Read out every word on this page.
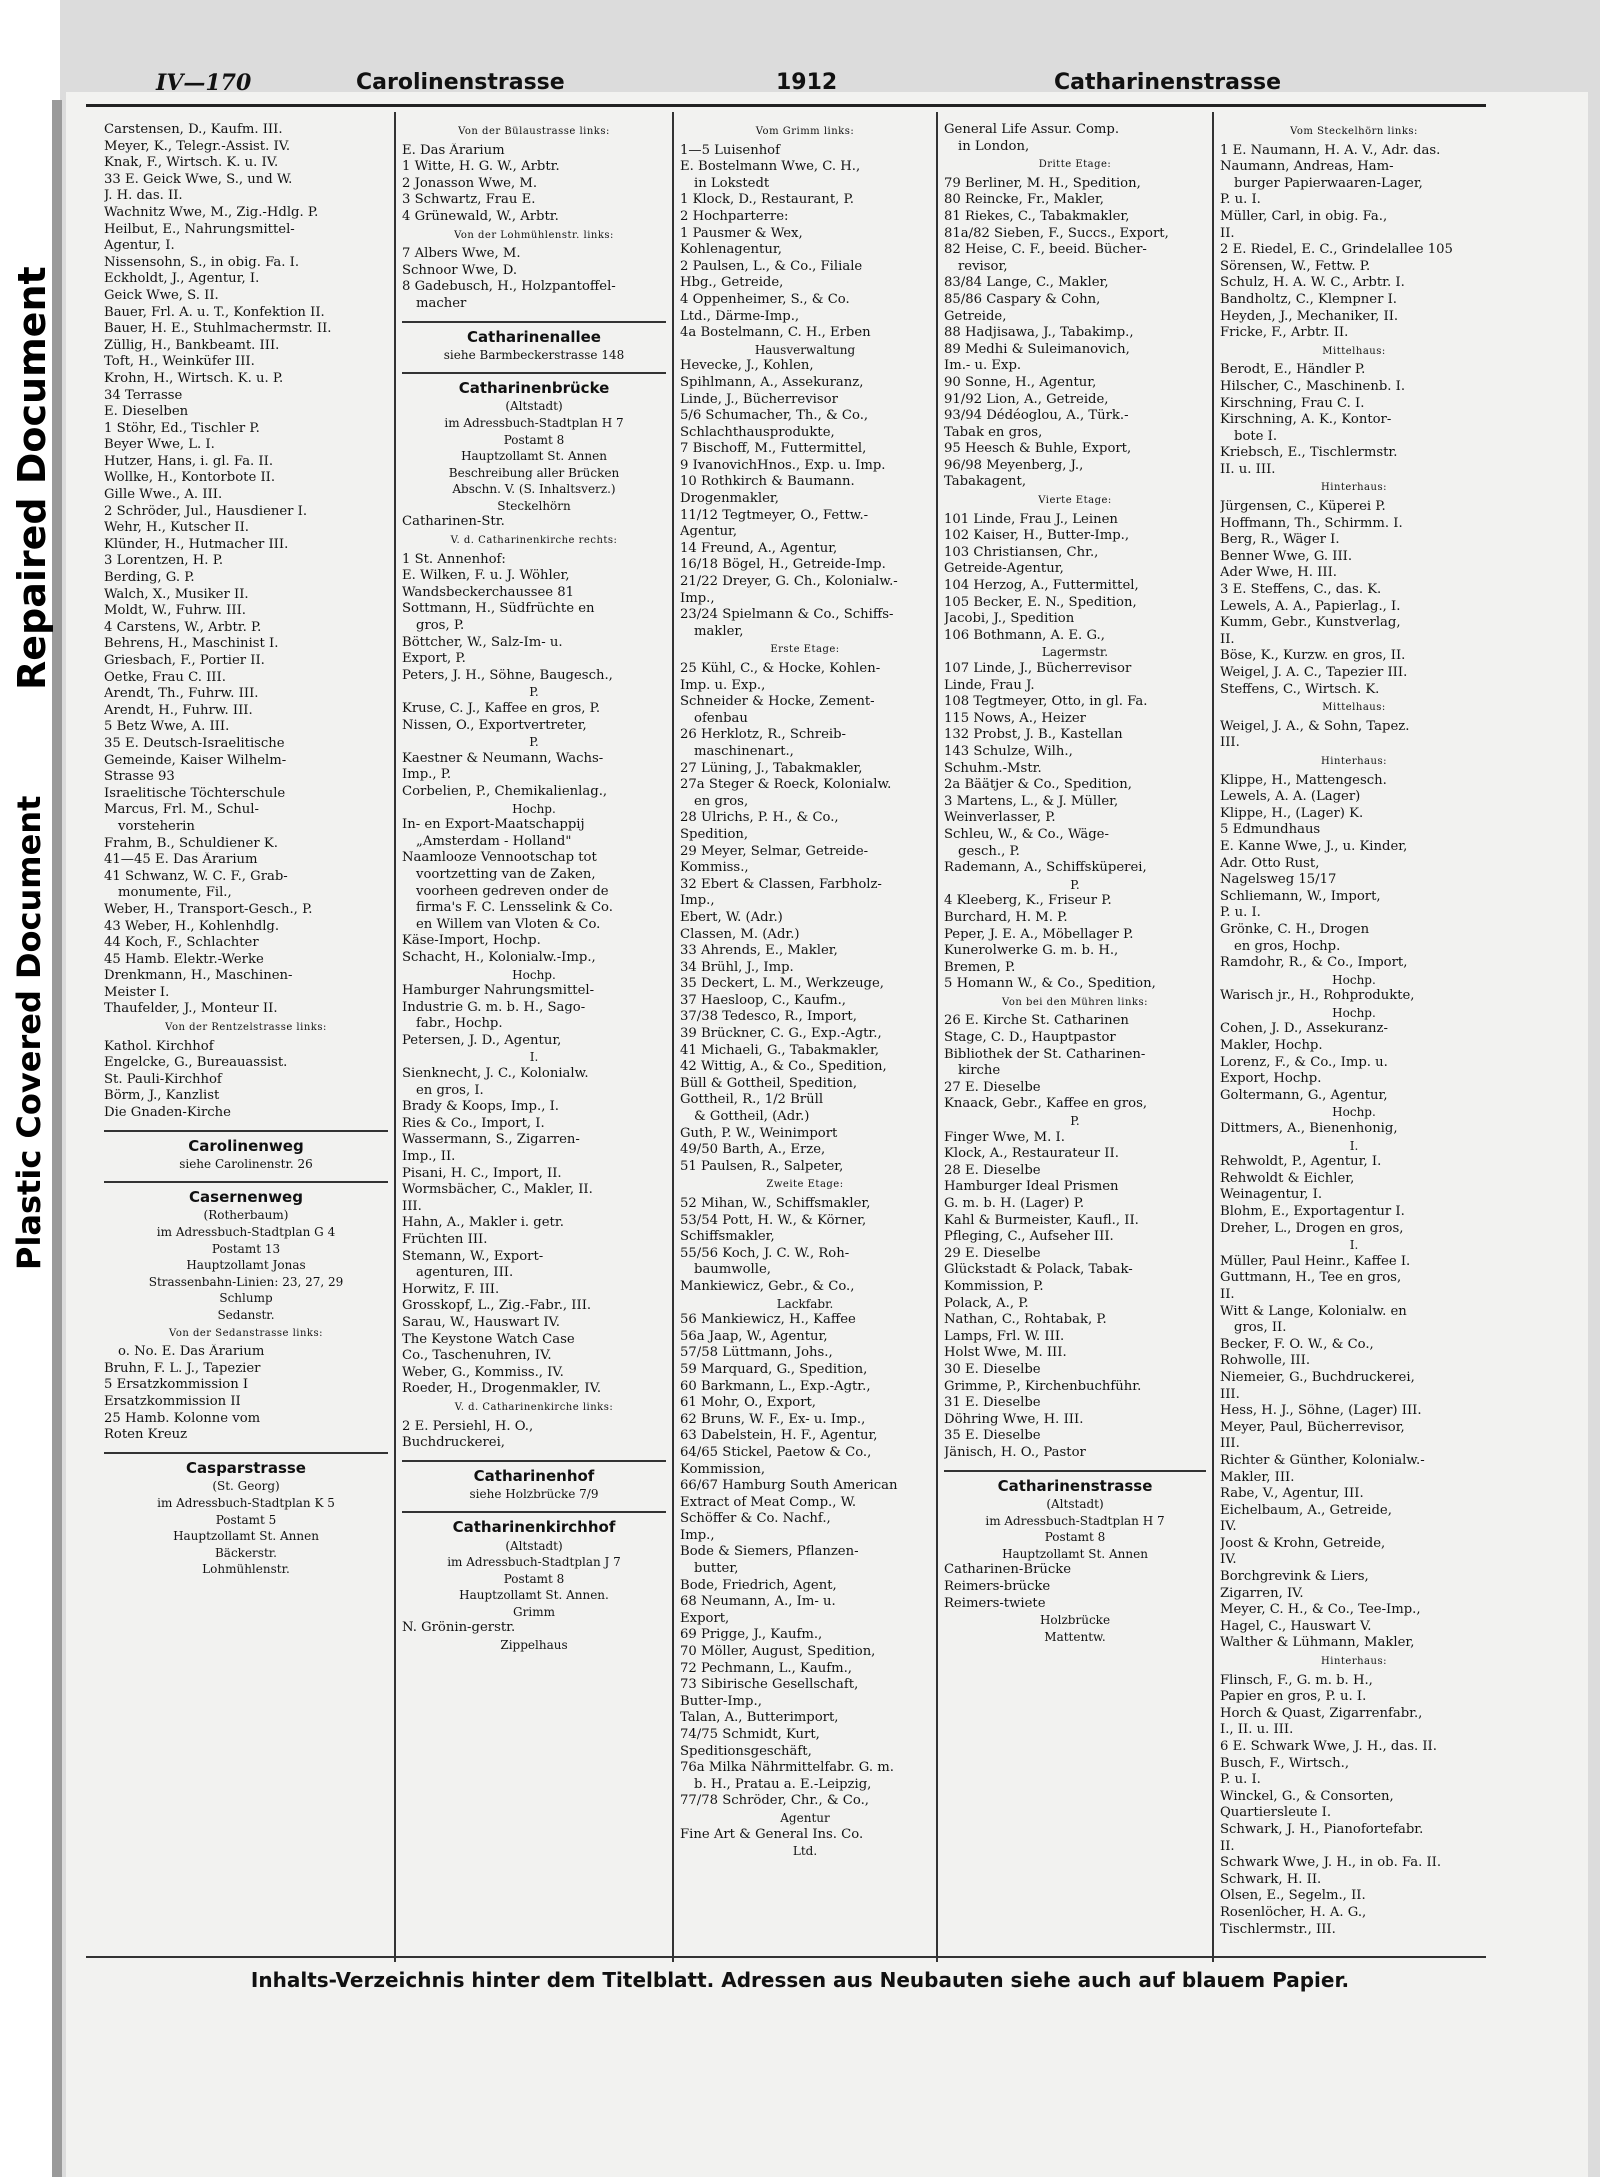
Plastic Covered Document
Repaired Document
IV—170	Carolinenstrasse	1912	Catharinenstrasse
Carstensen, D., Kaufm. III.
Meyer, K., Telegr.-Assist. IV.
Knak, F., Wirtsch. K. u. IV.
33 E. Geick Wwe, S., und W.
J. H. das. II.
Wachnitz Wwe, M., Zig.-Hdlg. P.
Heilbut, E., Nahrungsmittel-
Agentur, I.
Nissensohn, S., in obig. Fa. I.
Eckholdt, J., Agentur, I.
Geick Wwe, S. II.
Bauer, Frl. A. u. T., Konfektion II.
Bauer, H. E., Stuhlmachermstr. II.
Züllig, H., Bankbeamt. III.
Toft, H., Weinküfer III.
Krohn, H., Wirtsch. K. u. P.
34 Terrasse
E. Dieselben
1 Stöhr, Ed., Tischler P.
Beyer Wwe, L. I.
Hutzer, Hans, i. gl. Fa. II.
Wollke, H., Kontorbote II.
Gille Wwe., A. III.
2 Schröder, Jul., Hausdiener I.
Wehr, H., Kutscher II.
Klünder, H., Hutmacher III.
3 Lorentzen, H. P.
Berding, G. P.
Walch, X., Musiker II.
Moldt, W., Fuhrw. III.
4 Carstens, W., Arbtr. P.
Behrens, H., Maschinist I.
Griesbach, F., Portier II.
Oetke, Frau C. III.
Arendt, Th., Fuhrw. III.
Arendt, H., Fuhrw. III.
5 Betz Wwe, A. III.
35 E. Deutsch-Israelitische
Gemeinde, Kaiser Wilhelm-
Strasse 93
Israelitische Töchterschule
Marcus, Frl. M., Schul-
vorsteherin
Frahm, B., Schuldiener K.
41—45 E. Das Ärarium
41 Schwanz, W. C. F., Grab-
monumente, Fil.,
Weber, H., Transport-Gesch., P.
43 Weber, H., Kohlenhdlg.
44 Koch, F., Schlachter
45 Hamb. Elektr.-Werke
Drenkmann, H., Maschinen-
Meister I.
Thaufelder, J., Monteur II.
Von der Rentzelstrasse links:
Kathol. Kirchhof
Engelcke, G., Bureauassist.
St. Pauli-Kirchhof
Börm, J., Kanzlist
Die Gnaden-Kirche
Carolinenweg
siehe Carolinenstr. 26
Casernenweg
(Rotherbaum)
im Adressbuch-Stadtplan G 4
Postamt 13
Hauptzollamt Jonas
Strassenbahn-Linien: 23, 27, 29
Schlump
Sedanstr.
Von der Sedanstrasse links:
o. No. E. Das Ärarium
Bruhn, F. L. J., Tapezier
5 Ersatzkommission I
Ersatzkommission II
25 Hamb. Kolonne vom
Roten Kreuz
Casparstrasse
(St. Georg)
im Adressbuch-Stadtplan K 5
Postamt 5
Hauptzollamt St. Annen
Bäckerstr.
Lohmühlenstr.
Von der Bülaustrasse links:
E. Das Ärarium
1 Witte, H. G. W., Arbtr.
2 Jonasson Wwe, M.
3 Schwartz, Frau E.
4 Grünewald, W., Arbtr.
Von der Lohmühlenstr. links:
7 Albers Wwe, M.
Schnoor Wwe, D.
8 Gadebusch, H., Holzpantoffel-
macher
Catharinenallee
siehe Barmbeckerstrasse 148
Catharinenbrücke
(Altstadt)
im Adressbuch-Stadtplan H 7
Postamt 8
Hauptzollamt St. Annen
Beschreibung aller Brücken
Abschn. V. (S. Inhaltsverz.)
Steckelhörn
Catharinen-Str.
V. d. Catharinenkirche rechts:
1 St. Annenhof:
E. Wilken, F. u. J. Wöhler,
Wandsbeckerchaussee 81
Sottmann, H., Südfrüchte en
gros, P.
Böttcher, W., Salz-Im- u.
Export, P.
Peters, J. H., Söhne, Baugesch.,
P.
Kruse, C. J., Kaffee en gros, P.
Nissen, O., Exportvertreter,
P.
Kaestner & Neumann, Wachs-
Imp., P.
Corbelien, P., Chemikalienlag.,
Hochp.
In- en Export-Maatschappij
„Amsterdam - Holland"
Naamlooze Vennootschap tot
voortzetting van de Zaken,
voorheen gedreven onder de
firma's F. C. Lensselink & Co.
en Willem van Vloten & Co.
Käse-Import, Hochp.
Schacht, H., Kolonialw.-Imp.,
Hochp.
Hamburger Nahrungsmittel-
Industrie G. m. b. H., Sago-
fabr., Hochp.
Petersen, J. D., Agentur,
I.
Sienknecht, J. C., Kolonialw.
en gros, I.
Brady & Koops, Imp., I.
Ries & Co., Import, I.
Wassermann, S., Zigarren-
Imp., II.
Pisani, H. C., Import, II.
Wormsbächer, C., Makler, II.
III.
Hahn, A., Makler i. getr.
Früchten III.
Stemann, W., Export-
agenturen, III.
Horwitz, F. III.
Grosskopf, L., Zig.-Fabr., III.
Sarau, W., Hauswart IV.
The Keystone Watch Case
Co., Taschenuhren, IV.
Weber, G., Kommiss., IV.
Roeder, H., Drogenmakler, IV.
V. d. Catharinenkirche links:
2 E. Persiehl, H. O.,
Buchdruckerei,
Catharinenhof
siehe Holzbrücke 7/9
Catharinenkirchhof
(Altstadt)
im Adressbuch-Stadtplan J 7
Postamt 8
Hauptzollamt St. Annen.
Grimm
N. Grönin-gerstr.
Zippelhaus
Vom Grimm links:
1—5 Luisenhof
E. Bostelmann Wwe, C. H.,
in Lokstedt
1 Klock, D., Restaurant, P.
2 Hochparterre:
1 Pausmer & Wex,
Kohlenagentur,
2 Paulsen, L., & Co., Filiale
Hbg., Getreide,
4 Oppenheimer, S., & Co.
Ltd., Därme-Imp.,
4a Bostelmann, C. H., Erben
Hausverwaltung
Hevecke, J., Kohlen,
Spihlmann, A., Assekuranz,
Linde, J., Bücherrevisor
5/6 Schumacher, Th., & Co.,
Schlachthausprodukte,
7 Bischoff, M., Futtermittel,
9 IvanovichHnos., Exp. u. Imp.
10 Rothkirch & Baumann.
Drogenmakler,
11/12 Tegtmeyer, O., Fettw.-
Agentur,
14 Freund, A., Agentur,
16/18 Bögel, H., Getreide-Imp.
21/22 Dreyer, G. Ch., Kolonialw.-
Imp.,
23/24 Spielmann & Co., Schiffs-
makler,
Erste Etage:
25 Kühl, C., & Hocke, Kohlen-
Imp. u. Exp.,
Schneider & Hocke, Zement-
ofenbau
26 Herklotz, R., Schreib-
maschinenart.,
27 Lüning, J., Tabakmakler,
27a Steger & Roeck, Kolonialw.
en gros,
28 Ulrichs, P. H., & Co.,
Spedition,
29 Meyer, Selmar, Getreide-
Kommiss.,
32 Ebert & Classen, Farbholz-
Imp.,
Ebert, W. (Adr.)
Classen, M. (Adr.)
33 Ahrends, E., Makler,
34 Brühl, J., Imp.
35 Deckert, L. M., Werkzeuge,
37 Haesloop, C., Kaufm.,
37/38 Tedesco, R., Import,
39 Brückner, C. G., Exp.-Agtr.,
41 Michaeli, G., Tabakmakler,
42 Wittig, A., & Co., Spedition,
Büll & Gottheil, Spedition,
Gottheil, R., 1/2 Brüll
& Gottheil, (Adr.)
Guth, P. W., Weinimport
49/50 Barth, A., Erze,
51 Paulsen, R., Salpeter,
Zweite Etage:
52 Mihan, W., Schiffsmakler,
53/54 Pott, H. W., & Körner,
Schiffsmakler,
55/56 Koch, J. C. W., Roh-
baumwolle,
Mankiewicz, Gebr., & Co.,
Lackfabr.
56 Mankiewicz, H., Kaffee
56a Jaap, W., Agentur,
57/58 Lüttmann, Johs.,
59 Marquard, G., Spedition,
60 Barkmann, L., Exp.-Agtr.,
61 Mohr, O., Export,
62 Bruns, W. F., Ex- u. Imp.,
63 Dabelstein, H. F., Agentur,
64/65 Stickel, Paetow & Co.,
Kommission,
66/67 Hamburg South American
Extract of Meat Comp., W.
Schöffer & Co. Nachf.,
Imp.,
Bode & Siemers, Pflanzen-
butter,
Bode, Friedrich, Agent,
68 Neumann, A., Im- u.
Export,
69 Prigge, J., Kaufm.,
70 Möller, August, Spedition,
72 Pechmann, L., Kaufm.,
73 Sibirische Gesellschaft,
Butter-Imp.,
Talan, A., Butterimport,
74/75 Schmidt, Kurt,
Speditionsgeschäft,
76a Milka Nährmittelfabr. G. m.
b. H., Pratau a. E.-Leipzig,
77/78 Schröder, Chr., & Co.,
Agentur
Fine Art & General Ins. Co.
Ltd.
General Life Assur. Comp.
in London,
Dritte Etage:
79 Berliner, M. H., Spedition,
80 Reincke, Fr., Makler,
81 Riekes, C., Tabakmakler,
81a/82 Sieben, F., Succs., Export,
82 Heise, C. F., beeid. Bücher-
revisor,
83/84 Lange, C., Makler,
85/86 Caspary & Cohn,
Getreide,
88 Hadjisawa, J., Tabakimp.,
89 Medhi & Suleimanovich,
Im.- u. Exp.
90 Sonne, H., Agentur,
91/92 Lion, A., Getreide,
93/94 Dédéoglou, A., Türk.-
Tabak en gros,
95 Heesch & Buhle, Export,
96/98 Meyenberg, J.,
Tabakagent,
Vierte Etage:
101 Linde, Frau J., Leinen
102 Kaiser, H., Butter-Imp.,
103 Christiansen, Chr.,
Getreide-Agentur,
104 Herzog, A., Futtermittel,
105 Becker, E. N., Spedition,
Jacobi, J., Spedition
106 Bothmann, A. E. G.,
Lagermstr.
107 Linde, J., Bücherrevisor
Linde, Frau J.
108 Tegtmeyer, Otto, in gl. Fa.
115 Nows, A., Heizer
132 Probst, J. B., Kastellan
143 Schulze, Wilh.,
Schuhm.-Mstr.
2a Bäätjer & Co., Spedition,
3 Martens, L., & J. Müller,
Weinverlasser, P.
Schleu, W., & Co., Wäge-
gesch., P.
Rademann, A., Schiffsküperei,
P.
4 Kleeberg, K., Friseur P.
Burchard, H. M. P.
Peper, J. E. A., Möbellager P.
Kunerolwerke G. m. b. H.,
Bremen, P.
5 Homann W., & Co., Spedition,
Von bei den Mühren links:
26 E. Kirche St. Catharinen
Stage, C. D., Hauptpastor
Bibliothek der St. Catharinen-
kirche
27 E. Dieselbe
Knaack, Gebr., Kaffee en gros,
P.
Finger Wwe, M. I.
Klock, A., Restaurateur II.
28 E. Dieselbe
Hamburger Ideal Prismen
G. m. b. H. (Lager) P.
Kahl & Burmeister, Kaufl., II.
Pfleging, C., Aufseher III.
29 E. Dieselbe
Glückstadt & Polack, Tabak-
Kommission, P.
Polack, A., P.
Nathan, C., Rohtabak, P.
Lamps, Frl. W. III.
Holst Wwe, M. III.
30 E. Dieselbe
Grimme, P., Kirchenbuchführ.
31 E. Dieselbe
Döhring Wwe, H. III.
35 E. Dieselbe
Jänisch, H. O., Pastor
Catharinenstrasse
(Altstadt)
im Adressbuch-Stadtplan H 7
Postamt 8
Hauptzollamt St. Annen
Catharinen-Brücke
Reimers-brücke
Reimers-twiete
Holzbrücke
Mattentw.
Vom Steckelhörn links:
1 E. Naumann, H. A. V., Adr. das.
Naumann, Andreas, Ham-
burger Papierwaaren-Lager,
P. u. I.
Müller, Carl, in obig. Fa.,
II.
2 E. Riedel, E. C., Grindelallee 105
Sörensen, W., Fettw. P.
Schulz, H. A. W. C., Arbtr. I.
Bandholtz, C., Klempner I.
Heyden, J., Mechaniker, II.
Fricke, F., Arbtr. II.
Mittelhaus:
Berodt, E., Händler P.
Hilscher, C., Maschinenb. I.
Kirschning, Frau C. I.
Kirschning, A. K., Kontor-
bote I.
Kriebsch, E., Tischlermstr.
II. u. III.
Hinterhaus:
Jürgensen, C., Küperei P.
Hoffmann, Th., Schirmm. I.
Berg, R., Wäger I.
Benner Wwe, G. III.
Ader Wwe, H. III.
3 E. Steffens, C., das. K.
Lewels, A. A., Papierlag., I.
Kumm, Gebr., Kunstverlag,
II.
Böse, K., Kurzw. en gros, II.
Weigel, J. A. C., Tapezier III.
Steffens, C., Wirtsch. K.
Mittelhaus:
Weigel, J. A., & Sohn, Tapez.
III.
Hinterhaus:
Klippe, H., Mattengesch.
Lewels, A. A. (Lager)
Klippe, H., (Lager) K.
5 Edmundhaus
E. Kanne Wwe, J., u. Kinder,
Adr. Otto Rust,
Nagelsweg 15/17
Schliemann, W., Import,
P. u. I.
Grönke, C. H., Drogen
en gros, Hochp.
Ramdohr, R., & Co., Import,
Hochp.
Warisch jr., H., Rohprodukte,
Hochp.
Cohen, J. D., Assekuranz-
Makler, Hochp.
Lorenz, F., & Co., Imp. u.
Export, Hochp.
Goltermann, G., Agentur,
Hochp.
Dittmers, A., Bienenhonig,
I.
Rehwoldt, P., Agentur, I.
Rehwoldt & Eichler,
Weinagentur, I.
Blohm, E., Exportagentur I.
Dreher, L., Drogen en gros,
I.
Müller, Paul Heinr., Kaffee I.
Guttmann, H., Tee en gros,
II.
Witt & Lange, Kolonialw. en
gros, II.
Becker, F. O. W., & Co.,
Rohwolle, III.
Niemeier, G., Buchdruckerei,
III.
Hess, H. J., Söhne, (Lager) III.
Meyer, Paul, Bücherrevisor,
III.
Richter & Günther, Kolonialw.-
Makler, III.
Rabe, V., Agentur, III.
Eichelbaum, A., Getreide,
IV.
Joost & Krohn, Getreide,
IV.
Borchgrevink & Liers,
Zigarren, IV.
Meyer, C. H., & Co., Tee-Imp.,
Hagel, C., Hauswart V.
Walther & Lühmann, Makler,
Hinterhaus:
Flinsch, F., G. m. b. H.,
Papier en gros, P. u. I.
Horch & Quast, Zigarrenfabr.,
I., II. u. III.
6 E. Schwark Wwe, J. H., das. II.
Busch, F., Wirtsch.,
P. u. I.
Winckel, G., & Consorten,
Quartiersleute I.
Schwark, J. H., Pianofortefabr.
II.
Schwark Wwe, J. H., in ob. Fa. II.
Schwark, H. II.
Olsen, E., Segelm., II.
Rosenlöcher, H. A. G.,
Tischlermstr., III.
Inhalts-Verzeichnis hinter dem Titelblatt. Adressen aus Neubauten siehe auch auf blauem Papier.
